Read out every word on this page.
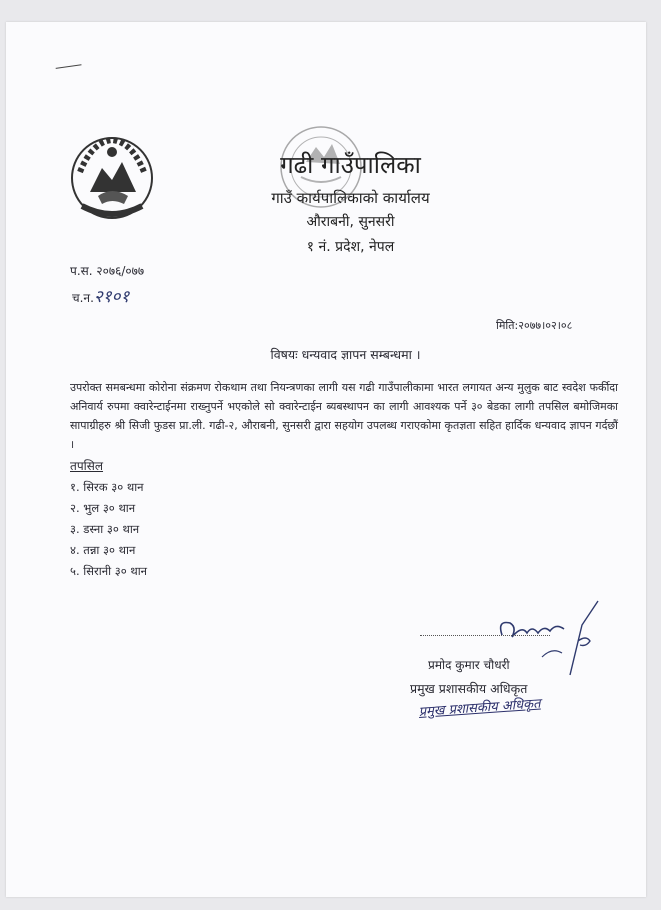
गढी गाउँपालिका
गाउँ कार्यपालिकाको कार्यालय
औराबनी, सुनसरी
१ नं. प्रदेश, नेपल
प.स. २०७६/०७७
च.न.२१०१
मिति:२०७७।०२।०८
विषयः धन्यवाद ज्ञापन सम्बन्धमा ।
उपरोक्त समबन्धमा कोरोना संक्रमण रोकथाम तथा नियन्त्रणका लागी यस गढी गाउँपालीकामा भारत लगायत अन्य मुलुक बाट स्वदेश फर्कीदा अनिवार्य रुपमा क्वारेन्टाईनमा राख्नुपर्ने भएकोले सो क्वारेन्टाईन ब्यबस्थापन का लागी आवश्यक पर्ने ३० बेडका लागी तपसिल बमोजिमका सापाग्रीहरु श्री सिजी फुडस प्रा.ली. गढी-२, औराबनी, सुनसरी द्वारा सहयोग उपलब्ध गराएकोमा कृतज्ञता सहित हार्दिक धन्यवाद ज्ञापन गर्दछौं ।
तपसिल
१. सिरक ३० थान
२. भुल ३० थान
३. डस्ना ३० थान
४. तन्ना ३० थान
५. सिरानी ३० थान
प्रमोद कुमार चौधरी
प्रमुख प्रशासकीय अधिकृत
प्रमुख प्रशासकीय अधिकृत
